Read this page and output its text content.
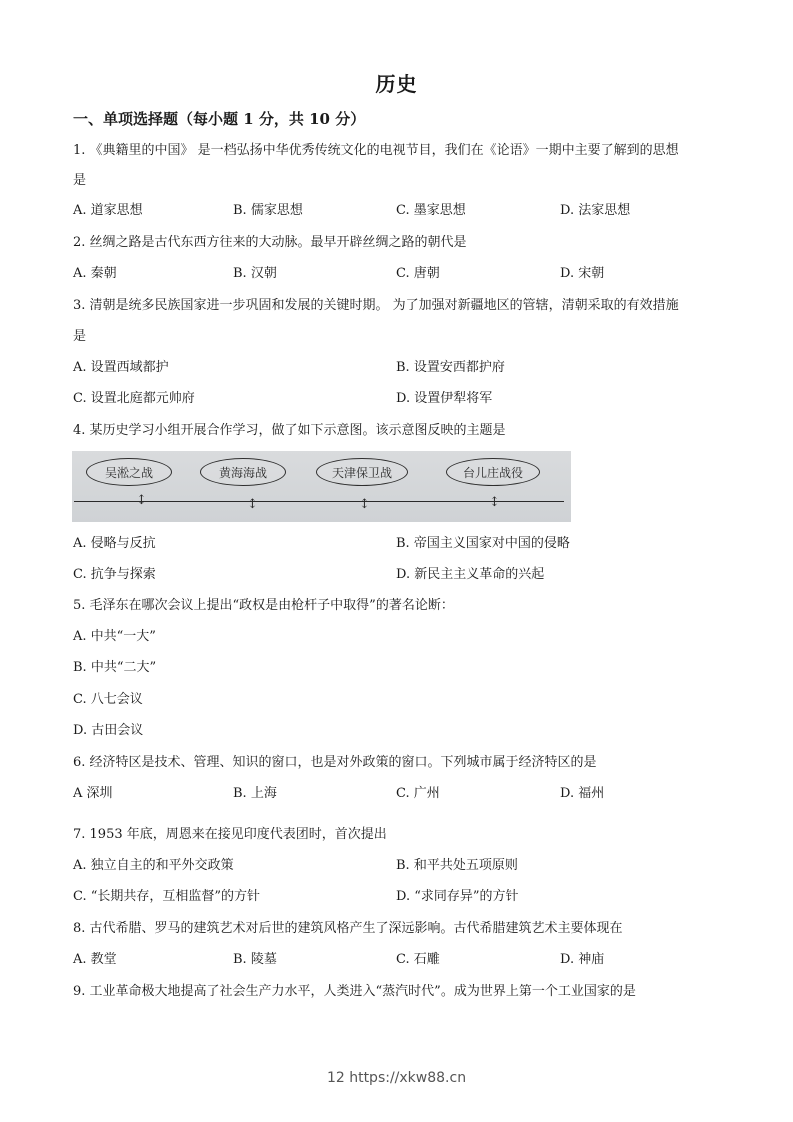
历史
一、单项选择题（每小题 1 分，共 10 分）
1. 《典籍里的中国》 是一档弘扬中华优秀传统文化的电视节目，我们在《论语》一期中主要了解到的思想
是
A. 道家思想	B. 儒家思想	C. 墨家思想	D. 法家思想
2. 丝绸之路是古代东西方往来的大动脉。最早开辟丝绸之路的朝代是
A. 秦朝	B. 汉朝	C. 唐朝	D. 宋朝
3. 清朝是统多民族国家进一步巩固和发展的关键时期。 为了加强对新疆地区的管辖，清朝采取的有效措施
是
A. 设置西域都护	B. 设置安西都护府
C. 设置北庭都元帅府	D. 设置伊犁将军
4. 某历史学习小组开展合作学习，做了如下示意图。该示意图反映的主题是
吴淞之战	黄海海战	天津保卫战	台儿庄战役
↕	↕	↕	↕
A. 侵略与反抗	B. 帝国主义国家对中国的侵略
C. 抗争与探索	D. 新民主主义革命的兴起
5. 毛泽东在哪次会议上提出“政权是由枪杆子中取得”的著名论断：
A. 中共“一大”
B. 中共“二大”
C. 八七会议
D. 古田会议
6. 经济特区是技术、管理、知识的窗口，也是对外政策的窗口。下列城市属于经济特区的是
A 深圳	B. 上海	C. 广州	D. 福州
7. 1953 年底，周恩来在接见印度代表团时，首次提出
A. 独立自主的和平外交政策	B. 和平共处五项原则
C. “长期共存，互相监督”的方针	D. “求同存异”的方针
8. 古代希腊、罗马的建筑艺术对后世的建筑风格产生了深远影响。古代希腊建筑艺术主要体现在
A. 教堂	B. 陵墓	C. 石雕	D. 神庙
9. 工业革命极大地提高了社会生产力水平，人类进入“蒸汽时代”。成为世界上第一个工业国家的是
12 https://xkw88.cn
